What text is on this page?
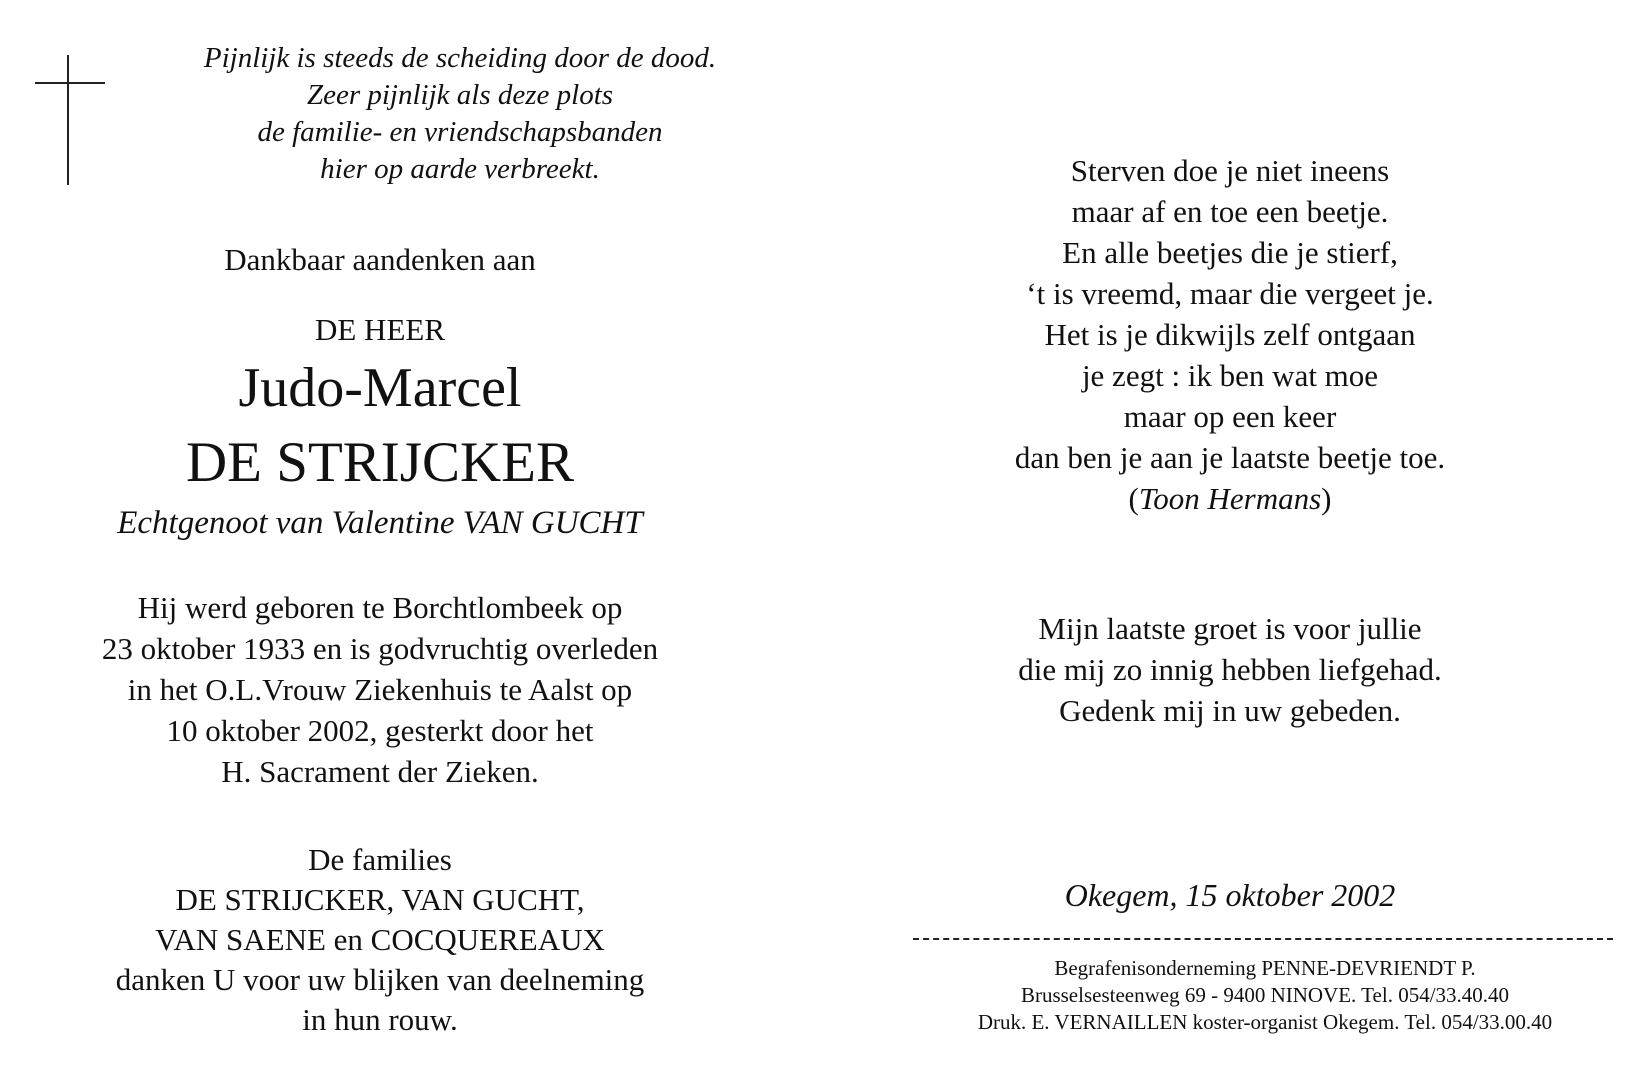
Pijnlijk is steeds de scheiding door de dood.
Zeer pijnlijk als deze plots
de familie- en vriendschapsbanden
hier op aarde verbreekt.

Dankbaar aandenken aan

DE HEER

Judo-Marcel

DE STRIJCKER

Echtgenoot van Valentine VAN GUCHT

Hij werd geboren te Borchtlombeek op
23 oktober 1933 en is godvruchtig overleden
in het O.L.Vrouw Ziekenhuis te Aalst op
10 oktober 2002, gesterkt door het
H. Sacrament der Zieken.

De families
DE STRIJCKER, VAN GUCHT,
VAN SAENE en COCQUEREAUX
danken U voor uw blijken van deelneming
in hun rouw.

Sterven doe je niet ineens
maar af en toe een beetje.
En alle beetjes die je stierf,
‘t is vreemd, maar die vergeet je.
Het is je dikwijls zelf ontgaan
je zegt : ik ben wat moe
maar op een keer
dan ben je aan je laatste beetje toe.
(Toon Hermans)

Mijn laatste groet is voor jullie
die mij zo innig hebben liefgehad.
Gedenk mij in uw gebeden.

Okegem, 15 oktober 2002

Begrafenisonderneming PENNE-DEVRIENDT P.
Brusselsesteenweg 69 - 9400 NINOVE. Tel. 054/33.40.40
Druk. E. VERNAILLEN koster-organist Okegem. Tel. 054/33.00.40
